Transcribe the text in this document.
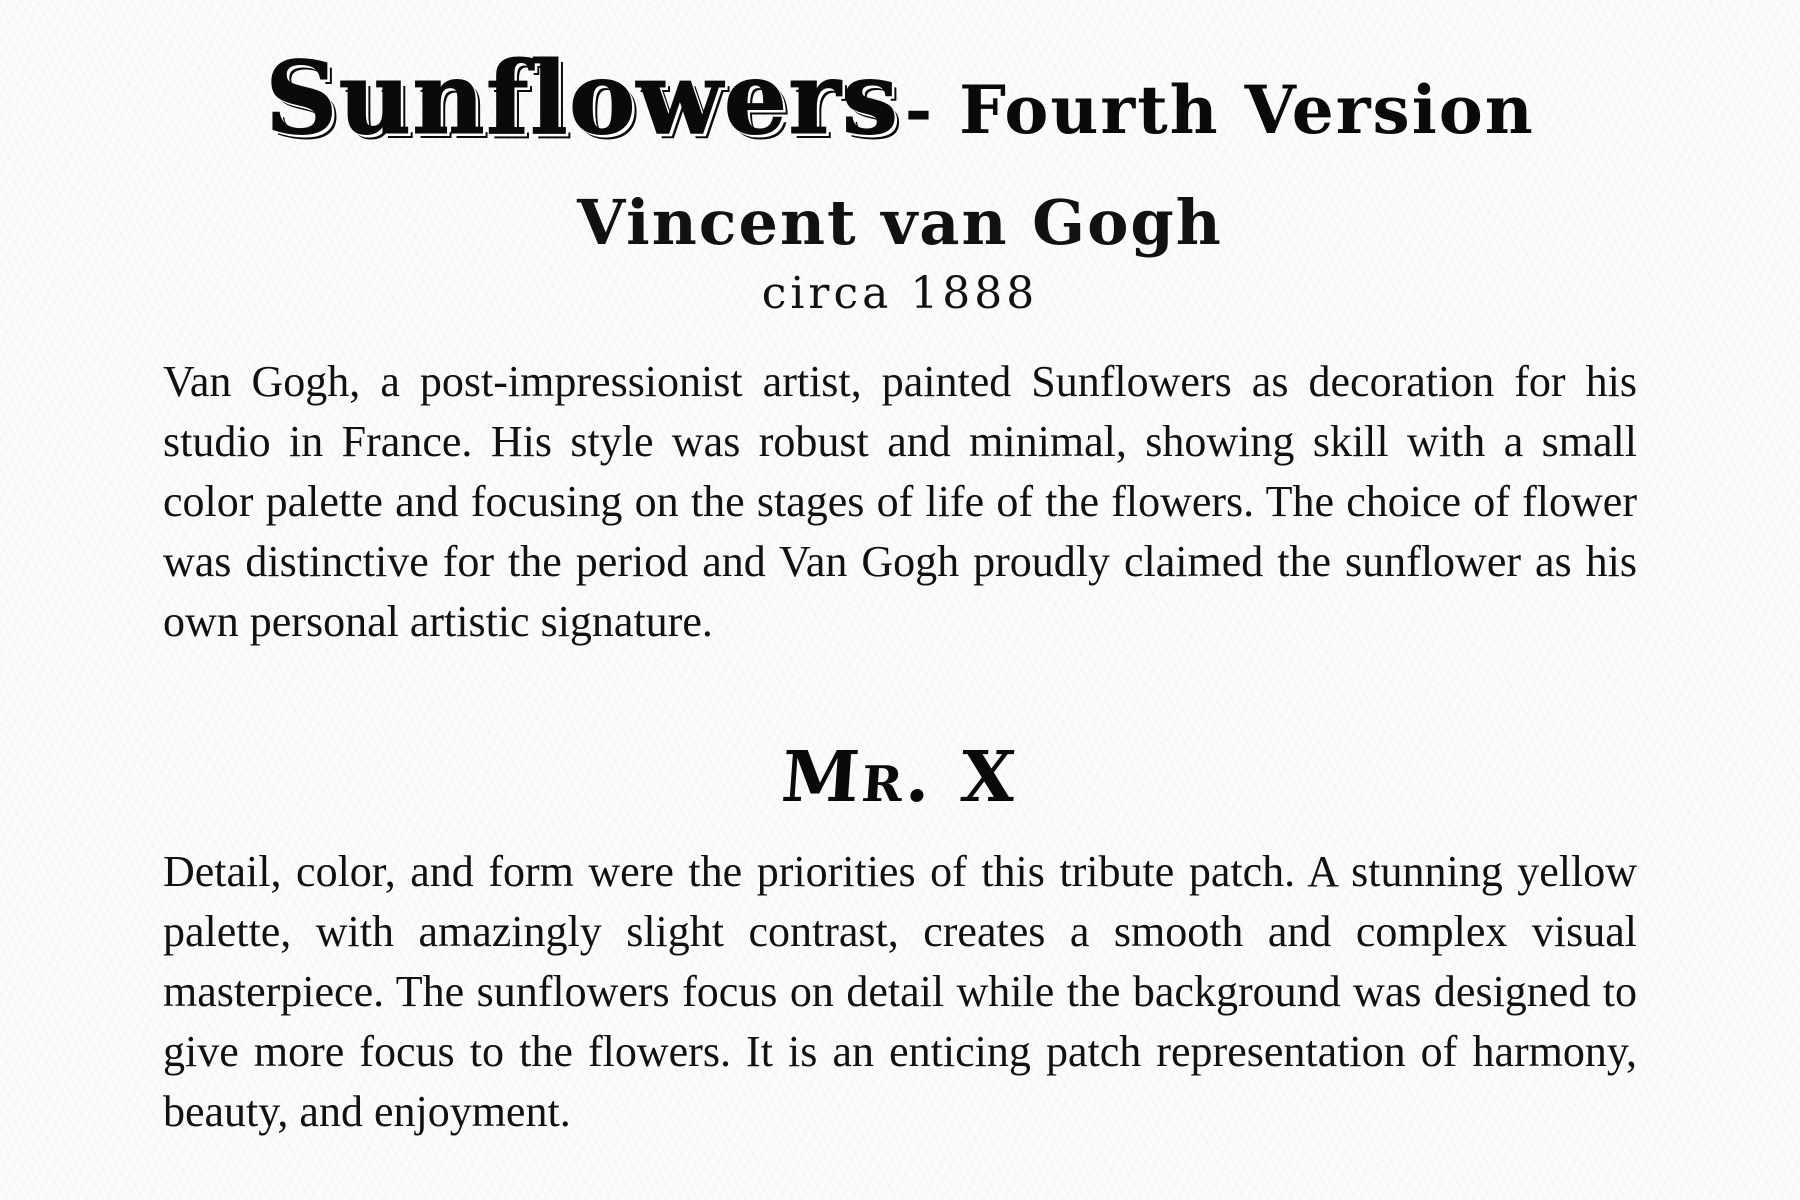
Sunflowers - Fourth Version
Vincent van Gogh
circa 1888

Van Gogh, a post-impressionist artist, painted Sunflowers as decoration for his studio in France. His style was robust and minimal, showing skill with a small color palette and focusing on the stages of life of the flowers. The choice of flower was distinctive for the period and Van Gogh proudly claimed the sunflower as his own personal artistic signature.

Mr. X

Detail, color, and form were the priorities of this tribute patch. A stunning yellow palette, with amazingly slight contrast, creates a smooth and complex visual masterpiece. The sunflowers focus on detail while the background was designed to give more focus to the flowers. It is an enticing patch representation of harmony, beauty, and enjoyment.
